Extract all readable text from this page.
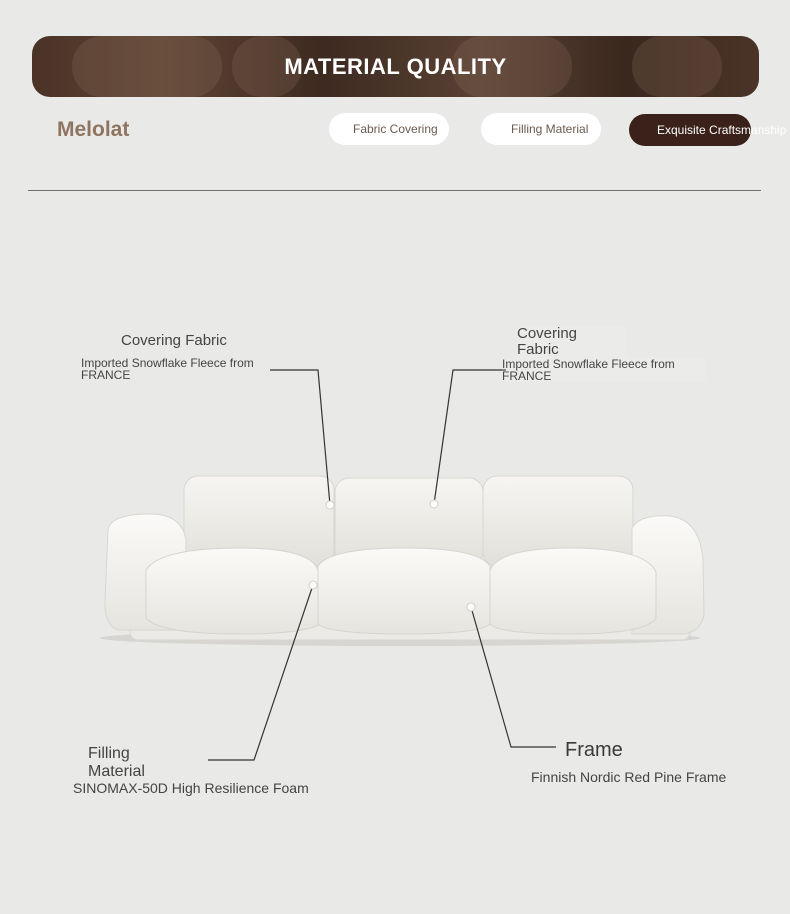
MATERIAL QUALITY
Melolat	Fabric Covering	Filling Material	Exquisite Craftsmanship
Covering Fabric
Imported Snowflake Fleece from FRANCE
Covering
Fabric
Imported Snowflake Fleece from FRANCE
Filling
Material
SINOMAX-50D High Resilience Foam
Frame
Finnish Nordic Red Pine Frame
